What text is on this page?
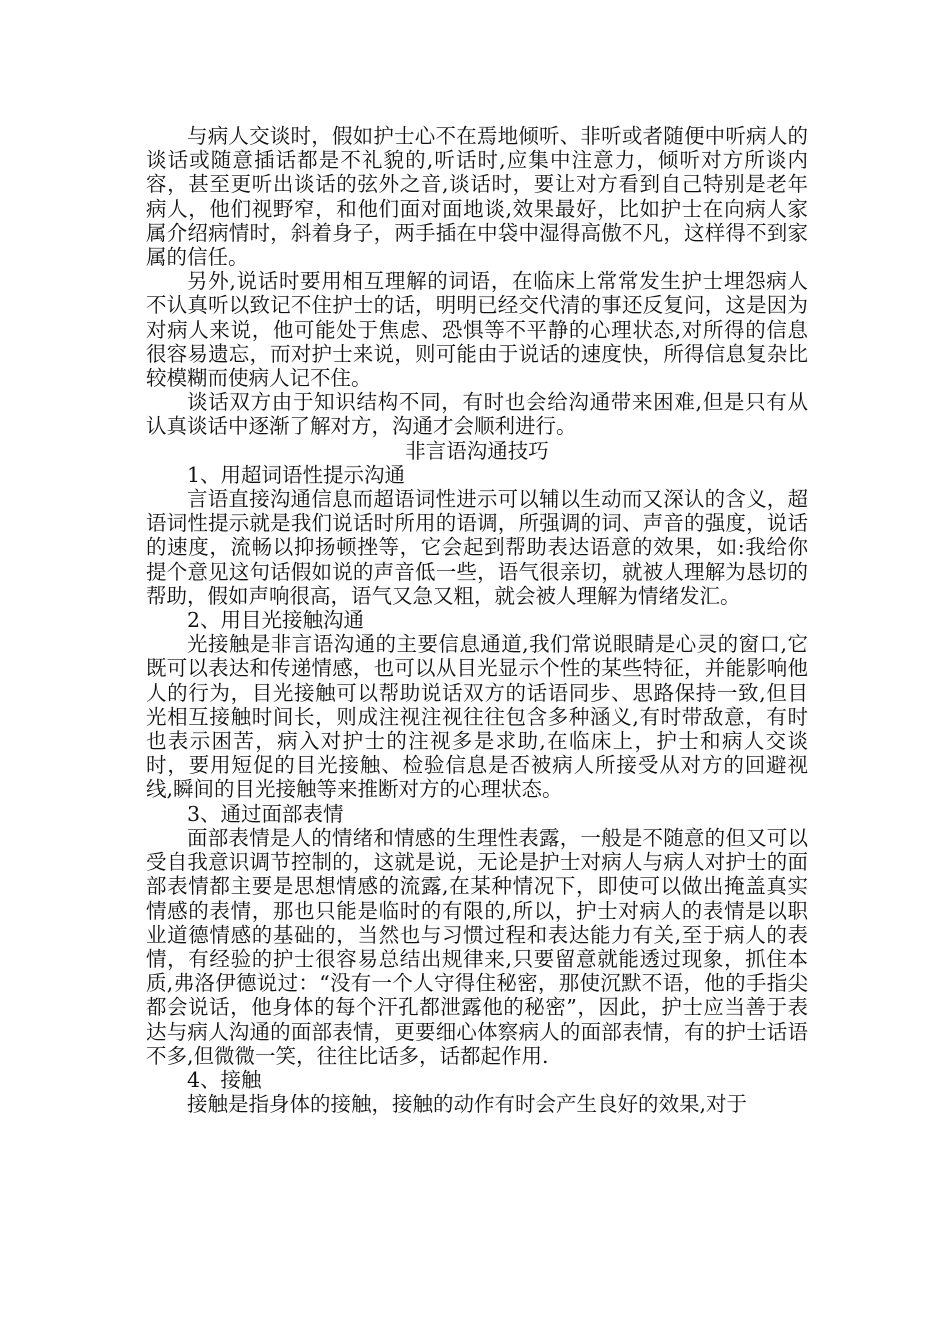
与病人交谈时，假如护士心不在焉地倾听、非听或者随便中听病人的谈话或随意插话都是不礼貌的,听话时,应集中注意力，倾听对方所谈内容，甚至更听出谈话的弦外之音,谈话时，要让对方看到自己特别是老年病人，他们视野窄，和他们面对面地谈,效果最好，比如护士在向病人家属介绍病情时，斜着身子，两手插在中袋中湿得高傲不凡，这样得不到家属的信任。

另外,说话时要用相互理解的词语，在临床上常常发生护士埋怨病人不认真听以致记不住护士的话，明明已经交代清的事还反复问，这是因为对病人来说，他可能处于焦虑、恐惧等不平静的心理状态,对所得的信息很容易遗忘，而对护士来说，则可能由于说话的速度快，所得信息复杂比较模糊而使病人记不住。

谈话双方由于知识结构不同，有时也会给沟通带来困难,但是只有从认真谈话中逐渐了解对方，沟通才会顺利进行。

非言语沟通技巧

1、用超词语性提示沟通

言语直接沟通信息而超语词性进示可以辅以生动而又深认的含义，超语词性提示就是我们说话时所用的语调，所强调的词、声音的强度，说话的速度，流畅以抑扬顿挫等，它会起到帮助表达语意的效果，如:我给你提个意见这句话假如说的声音低一些，语气很亲切，就被人理解为恳切的帮助，假如声响很高，语气又急又粗，就会被人理解为情绪发汇。

2、用目光接触沟通

光接触是非言语沟通的主要信息通道,我们常说眼睛是心灵的窗口,它既可以表达和传递情感，也可以从目光显示个性的某些特征，并能影响他人的行为，目光接触可以帮助说话双方的话语同步、思路保持一致,但目光相互接触时间长，则成注视注视往往包含多种涵义,有时带敌意，有时也表示困苦，病入对护士的注视多是求助,在临床上，护士和病人交谈时，要用短促的目光接触、检验信息是否被病人所接受从对方的回避视线,瞬间的目光接触等来推断对方的心理状态。

3、通过面部表情

面部表情是人的情绪和情感的生理性表露，一般是不随意的但又可以受自我意识调节控制的，这就是说，无论是护士对病人与病人对护士的面部表情都主要是思想情感的流露,在某种情况下，即使可以做出掩盖真实情感的表情，那也只能是临时的有限的,所以，护士对病人的表情是以职业道德情感的基础的，当然也与习惯过程和表达能力有关,至于病人的表情，有经验的护士很容易总结出规律来,只要留意就能透过现象，抓住本质,弗洛伊德说过：“没有一个人守得住秘密，那使沉默不语，他的手指尖都会说话，他身体的每个汗孔都泄露他的秘密”，因此，护士应当善于表达与病人沟通的面部表情，更要细心体察病人的面部表情，有的护士话语不多,但微微一笑，往往比话多，话都起作用.

4、接触

接触是指身体的接触，接触的动作有时会产生良好的效果,对于
